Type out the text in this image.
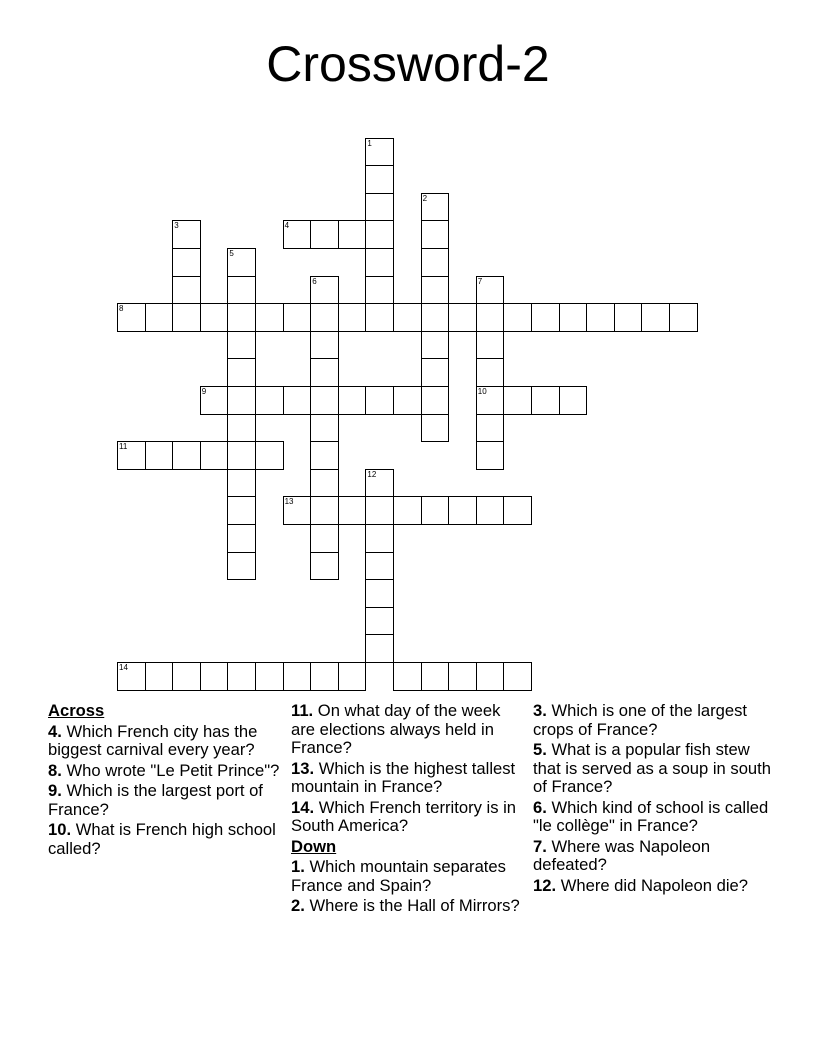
Crossword-2
1
2
3	4
5
6	7
8
9	10
11
12
13
14
Across
4. Which French city has the biggest carnival every year?
8. Who wrote "Le Petit Prince"?
9. Which is the largest port of France?
10. What is French high school called?
11. On what day of the week are elections always held in France?
13. Which is the highest tallest mountain in France?
14. Which French territory is in South America?
Down
1. Which mountain separates France and Spain?
2. Where is the Hall of Mirrors?
3. Which is one of the largest crops of France?
5. What is a popular fish stew that is served as a soup in south of France?
6. Which kind of school is called "le collège" in France?
7. Where was Napoleon defeated?
12. Where did Napoleon die?
